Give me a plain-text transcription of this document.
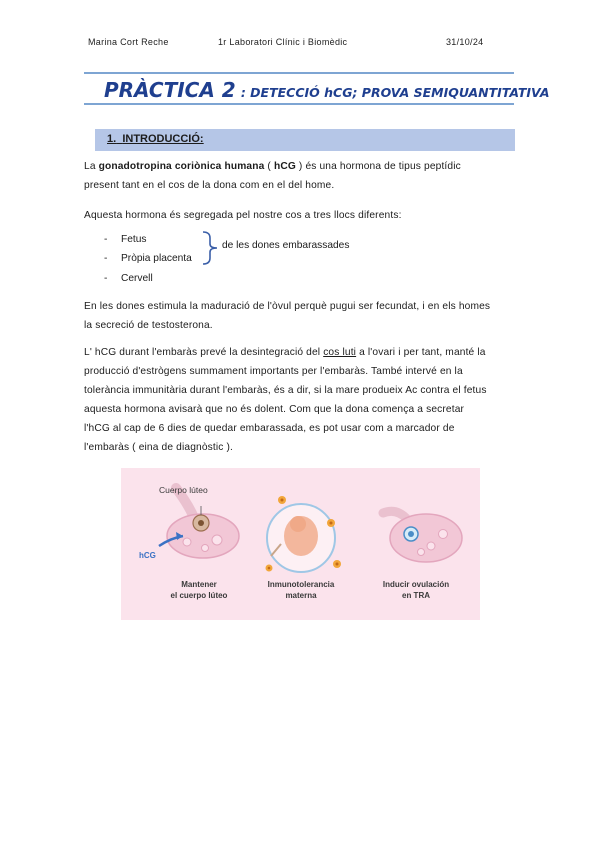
Marina Cort Reche	1r Laboratori Clínic i Biomèdic	31/10/24
PRÀCTICA 2 : DETECCIÓ hCG; PROVA SEMIQUANTITATIVA
1. INTRODUCCIÓ:
La gonadotropina coriònica humana ( hCG ) és una hormona de tipus peptídic
present tant en el cos de la dona com en el del home.
Aquesta hormona és segregada pel nostre cos a tres llocs diferents:
- Fetus
- Pròpia placenta
- Cervell
de les dones embarassades
En les dones estimula la maduració de l'òvul perquè pugui ser fecundat, i en els homes
la secreció de testosterona.
L' hCG durant l'embaràs prevé la desintegració del cos luti a l'ovari i per tant, manté la
producció d'estrògens summament importants per l'embaràs. També intervé en la
tolerància immunitària durant l'embaràs, és a dir, si la mare produeix Ac contra el fetus
aquesta hormona avisarà que no és dolent. Com que la dona comença a secretar
l'hCG al cap de 6 dies de quedar embarassada, es pot usar com a marcador de
l'embaràs ( eina de diagnòstic ).
Cuerpo lúteo
hCG
Mantener
el cuerpo lúteo
Inmunotolerancia
materna
Inducir ovulación
en TRA
